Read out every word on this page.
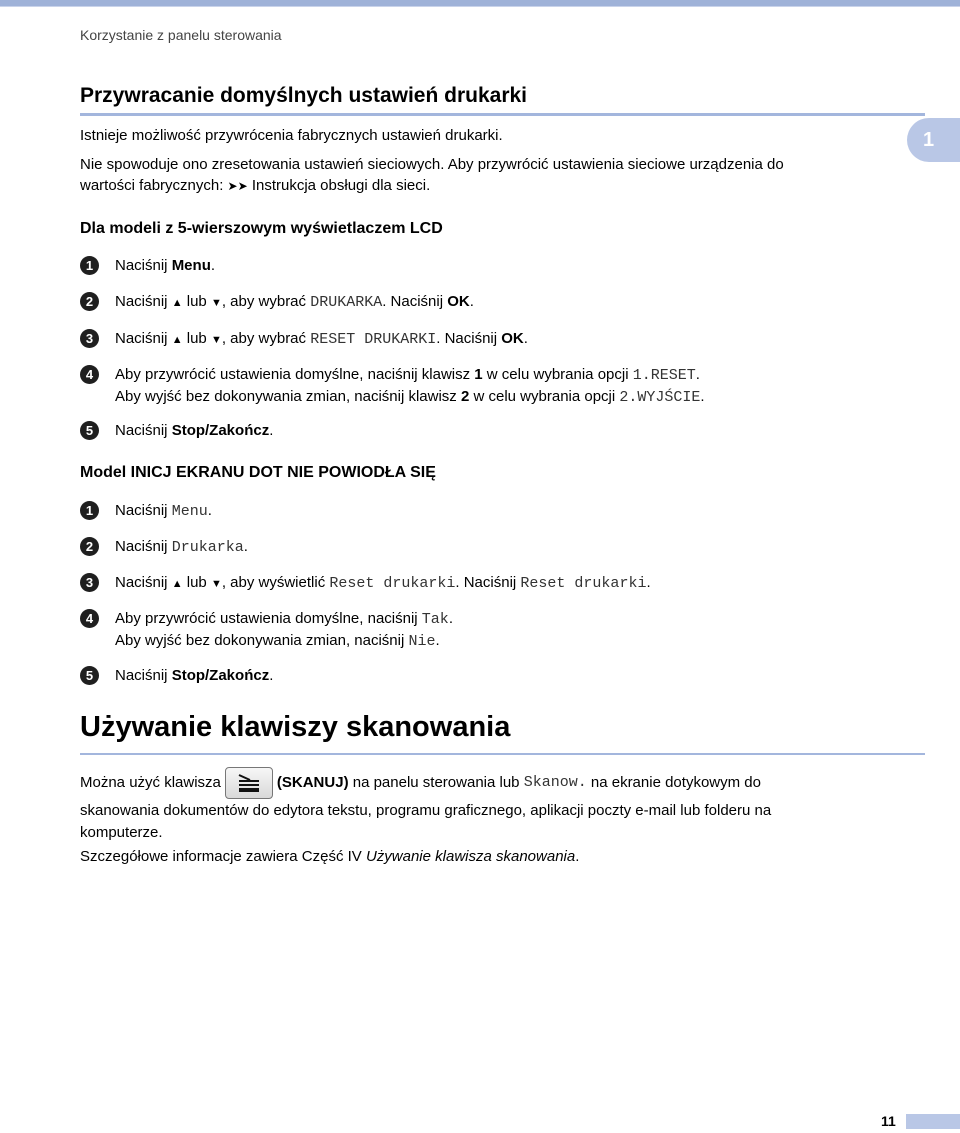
Korzystanie z panelu sterowania
1
Przywracanie domyślnych ustawień drukarki
Istnieje możliwość przywrócenia fabrycznych ustawień drukarki.
Nie spowoduje ono zresetowania ustawień sieciowych. Aby przywrócić ustawienia sieciowe urządzenia do
wartości fabrycznych: ➤➤ Instrukcja obsługi dla sieci.
Dla modeli z 5-wierszowym wyświetlaczem LCD
1	Naciśnij Menu.
2	Naciśnij ▲ lub ▼, aby wybrać DRUKARKA. Naciśnij OK.
3	Naciśnij ▲ lub ▼, aby wybrać RESET DRUKARKI. Naciśnij OK.
4	Aby przywrócić ustawienia domyślne, naciśnij klawisz 1 w celu wybrania opcji 1.RESET.
Aby wyjść bez dokonywania zmian, naciśnij klawisz 2 w celu wybrania opcji 2.WYJŚCIE.
5	Naciśnij Stop/Zakończ.
Model INICJ EKRANU DOT NIE POWIODŁA SIĘ
1	Naciśnij Menu.
2	Naciśnij Drukarka.
3	Naciśnij ▲ lub ▼, aby wyświetlić Reset drukarki. Naciśnij Reset drukarki.
4	Aby przywrócić ustawienia domyślne, naciśnij Tak.
Aby wyjść bez dokonywania zmian, naciśnij Nie.
5	Naciśnij Stop/Zakończ.
Używanie klawiszy skanowania
Można użyć klawisza	(SKANUJ) na panelu sterowania lub Skanow. na ekranie dotykowym do
skanowania dokumentów do edytora tekstu, programu graficznego, aplikacji poczty e-mail lub folderu na
komputerze.
Szczegółowe informacje zawiera Część IV Używanie klawisza skanowania.
11
